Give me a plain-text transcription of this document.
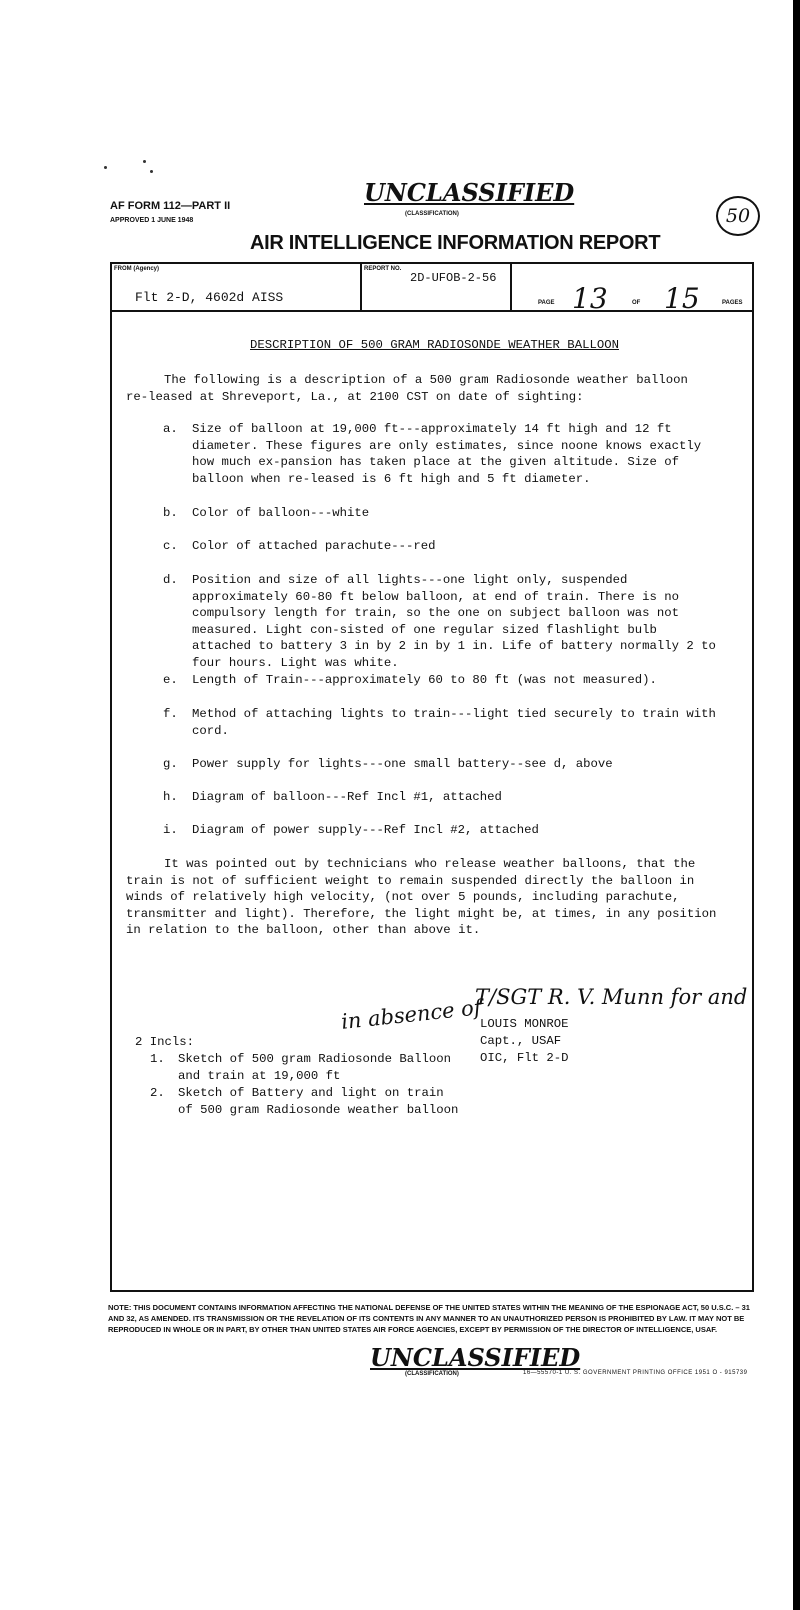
AF FORM 112—PART II
APPROVED 1 JUNE 1948
UNCLASSIFIED
(CLASSIFICATION)	50
AIR INTELLIGENCE INFORMATION REPORT
FROM (Agency)
Flt 2-D, 4602d AISS
REPORT NO.
2D-UFOB-2-56
PAGE 13	OF 15	PAGES
DESCRIPTION OF 500 GRAM RADIOSONDE WEATHER BALLOON
The following is a description of a 500 gram Radiosonde weather balloon re-leased at Shreveport, La., at 2100 CST on date of sighting:
a.	Size of balloon at 19,000 ft---approximately 14 ft high and 12 ft diameter. These figures are only estimates, since noone knows exactly how much ex-pansion has taken place at the given altitude. Size of balloon when re-leased is 6 ft high and 5 ft diameter.
b.	Color of balloon---white
c.	Color of attached parachute---red
d.	Position and size of all lights---one light only, suspended approximately 60-80 ft below balloon, at end of train. There is no compulsory length for train, so the one on subject balloon was not measured. Light con-sisted of one regular sized flashlight bulb attached to battery 3 in by 2 in by 1 in. Life of battery normally 2 to four hours. Light was white.
e.	Length of Train---approximately 60 to 80 ft (was not measured).
f.	Method of attaching lights to train---light tied securely to train with cord.
g.	Power supply for lights---one small battery--see d, above
h.	Diagram of balloon---Ref Incl #1, attached
i.	Diagram of power supply---Ref Incl #2, attached
It was pointed out by technicians who release weather balloons, that the train is not of sufficient weight to remain suspended directly the balloon in winds of relatively high velocity, (not over 5 pounds, including parachute, transmitter and light). Therefore, the light might be, at times, in any position in relation to the balloon, other than above it.
T/SGT R. V. Munn for and
in absence of
LOUIS MONROE
Capt., USAF
OIC, Flt 2-D
2 Incls:
1. Sketch of 500 gram Radiosonde Balloon
and train at 19,000 ft
2. Sketch of Battery and light on train
of 500 gram Radiosonde weather balloon
NOTE: THIS DOCUMENT CONTAINS INFORMATION AFFECTING THE NATIONAL DEFENSE OF THE UNITED STATES WITHIN THE MEANING OF THE ESPIONAGE ACT, 50 U.S.C. – 31 AND 32, AS AMENDED. ITS TRANSMISSION OR THE REVELATION OF ITS CONTENTS IN ANY MANNER TO AN UNAUTHORIZED PERSON IS PROHIBITED BY LAW. IT MAY NOT BE REPRODUCED IN WHOLE OR IN PART, BY OTHER THAN UNITED STATES AIR FORCE AGENCIES, EXCEPT BY PERMISSION OF THE DIRECTOR OF INTELLIGENCE, USAF.
UNCLASSIFIED
(CLASSIFICATION)	16—55570-1 U. S. GOVERNMENT PRINTING OFFICE 1951 O - 915739
